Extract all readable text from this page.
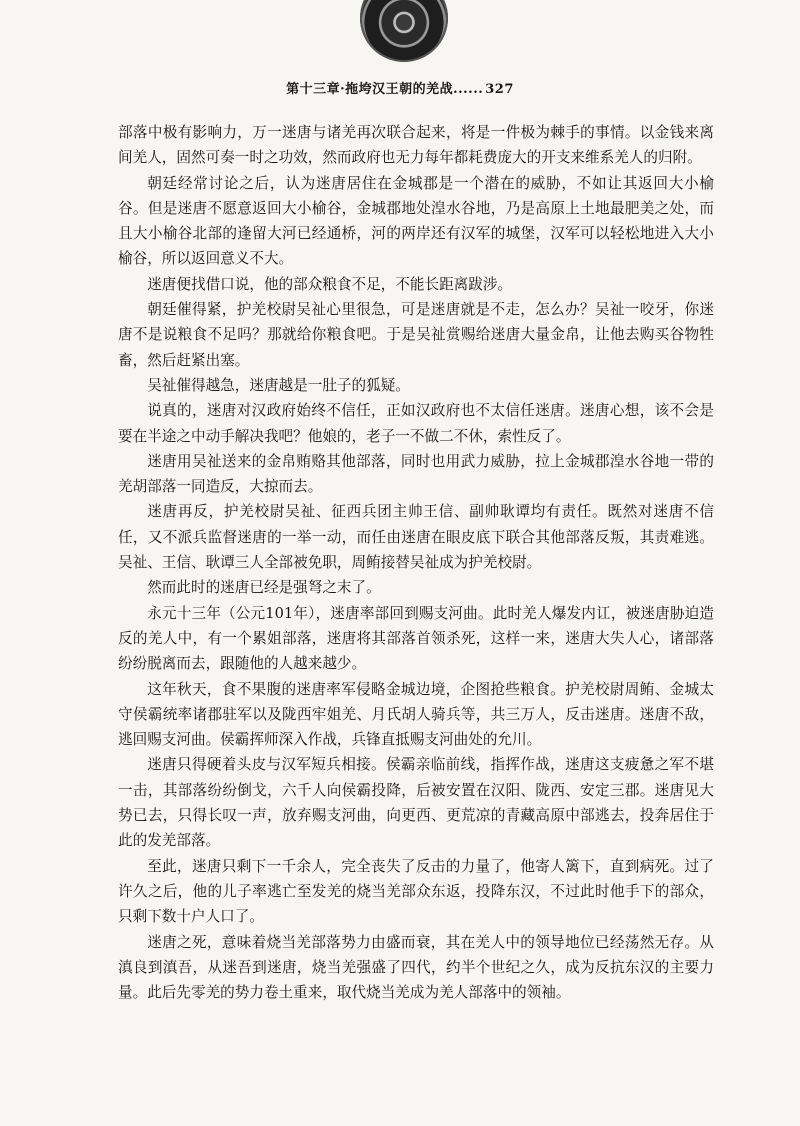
第十三章·拖垮汉王朝的羌战...... 327

部落中极有影响力，万一迷唐与诸羌再次联合起来，将是一件极为棘手的事情。以金钱来离间羌人，固然可奏一时之功效，然而政府也无力每年都耗费庞大的开支来维系羌人的归附。

朝廷经常讨论之后，认为迷唐居住在金城郡是一个潜在的威胁，不如让其返回大小榆谷。但是迷唐不愿意返回大小榆谷，金城郡地处湟水谷地，乃是高原上土地最肥美之处，而且大小榆谷北部的逢留大河已经通桥，河的两岸还有汉军的城堡，汉军可以轻松地进入大小榆谷，所以返回意义不大。

迷唐便找借口说，他的部众粮食不足，不能长距离跋涉。

朝廷催得紧，护羌校尉吴祉心里很急，可是迷唐就是不走，怎么办？吴祉一咬牙，你迷唐不是说粮食不足吗？那就给你粮食吧。于是吴祉赏赐给迷唐大量金帛，让他去购买谷物牲畜，然后赶紧出塞。

吴祉催得越急，迷唐越是一肚子的狐疑。

说真的，迷唐对汉政府始终不信任，正如汉政府也不太信任迷唐。迷唐心想，该不会是要在半途之中动手解决我吧？他娘的，老子一不做二不休，索性反了。

迷唐用吴祉送来的金帛贿赂其他部落，同时也用武力威胁，拉上金城郡湟水谷地一带的羌胡部落一同造反，大掠而去。

迷唐再反，护羌校尉吴祉、征西兵团主帅王信、副帅耿谭均有责任。既然对迷唐不信任，又不派兵监督迷唐的一举一动，而任由迷唐在眼皮底下联合其他部落反叛，其责难逃。吴祉、王信、耿谭三人全部被免职，周鲔接替吴祉成为护羌校尉。

然而此时的迷唐已经是强弩之末了。

永元十三年（公元101年），迷唐率部回到赐支河曲。此时羌人爆发内讧，被迷唐胁迫造反的羌人中，有一个累姐部落，迷唐将其部落首领杀死，这样一来，迷唐大失人心，诸部落纷纷脱离而去，跟随他的人越来越少。

这年秋天，食不果腹的迷唐率军侵略金城边境，企图抢些粮食。护羌校尉周鲔、金城太守侯霸统率诸郡驻军以及陇西牢姐羌、月氏胡人骑兵等，共三万人，反击迷唐。迷唐不敌，逃回赐支河曲。侯霸挥师深入作战，兵锋直抵赐支河曲处的允川。

迷唐只得硬着头皮与汉军短兵相接。侯霸亲临前线，指挥作战，迷唐这支疲惫之军不堪一击，其部落纷纷倒戈，六千人向侯霸投降，后被安置在汉阳、陇西、安定三郡。迷唐见大势已去，只得长叹一声，放弃赐支河曲，向更西、更荒凉的青藏高原中部逃去，投奔居住于此的发羌部落。

至此，迷唐只剩下一千余人，完全丧失了反击的力量了，他寄人篱下，直到病死。过了许久之后，他的儿子率逃亡至发羌的烧当羌部众东返，投降东汉，不过此时他手下的部众，只剩下数十户人口了。

迷唐之死，意味着烧当羌部落势力由盛而衰，其在羌人中的领导地位已经荡然无存。从滇良到滇吾，从迷吾到迷唐，烧当羌强盛了四代，约半个世纪之久，成为反抗东汉的主要力量。此后先零羌的势力卷土重来，取代烧当羌成为羌人部落中的领袖。
